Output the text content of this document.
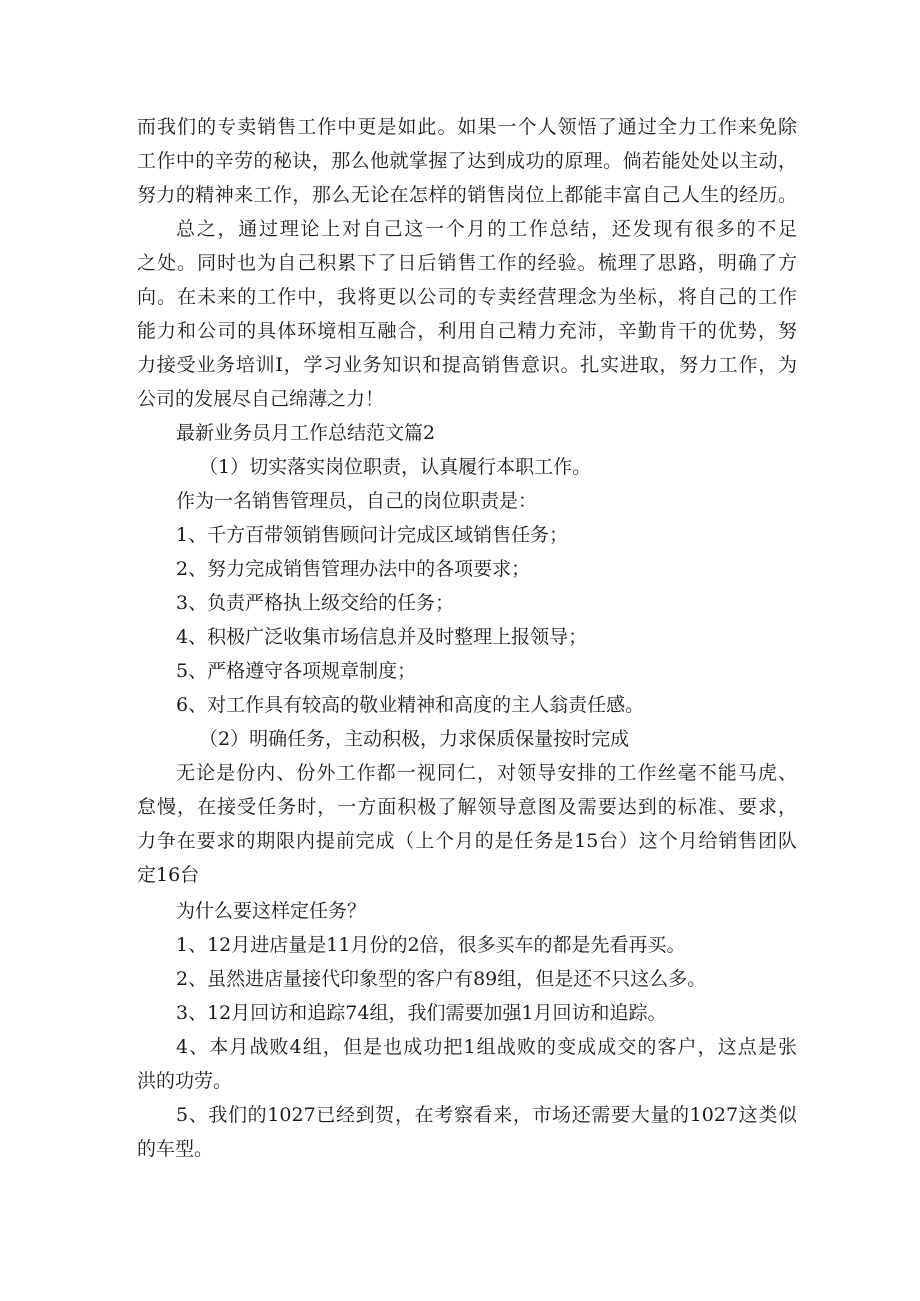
而我们的专卖销售工作中更是如此。如果一个人领悟了通过全力工作来免除
工作中的辛劳的秘诀，那么他就掌握了达到成功的原理。倘若能处处以主动，
努力的精神来工作，那么无论在怎样的销售岗位上都能丰富自己人生的经历。
总之，通过理论上对自己这一个月的工作总结，还发现有很多的不足
之处。同时也为自己积累下了日后销售工作的经验。梳理了思路，明确了方
向。在未来的工作中，我将更以公司的专卖经营理念为坐标，将自己的工作
能力和公司的具体环境相互融合，利用自己精力充沛，辛勤肯干的优势，努
力接受业务培训I，学习业务知识和提高销售意识。扎实进取，努力工作，为
公司的发展尽自己绵薄之力！
最新业务员月工作总结范文篇2
（1）切实落实岗位职责，认真履行本职工作。
作为一名销售管理员，自己的岗位职责是：
1、千方百带领销售顾问计完成区域销售任务；
2、努力完成销售管理办法中的各项要求；
3、负责严格执上级交给的任务；
4、积极广泛收集市场信息并及时整理上报领导；
5、严格遵守各项规章制度；
6、对工作具有较高的敬业精神和高度的主人翁责任感。
（2）明确任务，主动积极，力求保质保量按时完成
无论是份内、份外工作都一视同仁，对领导安排的工作丝毫不能马虎、
怠慢，在接受任务时，一方面积极了解领导意图及需要达到的标准、要求，
力争在要求的期限内提前完成（上个月的是任务是15台）这个月给销售团队
定16台
为什么要这样定任务？
1、12月进店量是11月份的2倍，很多买车的都是先看再买。
2、虽然进店量接代印象型的客户有89组，但是还不只这么多。
3、12月回访和追踪74组，我们需要加强1月回访和追踪。
4、本月战败4组，但是也成功把1组战败的变成成交的客户，这点是张
洪的功劳。
5、我们的1027已经到贺，在考察看来，市场还需要大量的1027这类似
的车型。
